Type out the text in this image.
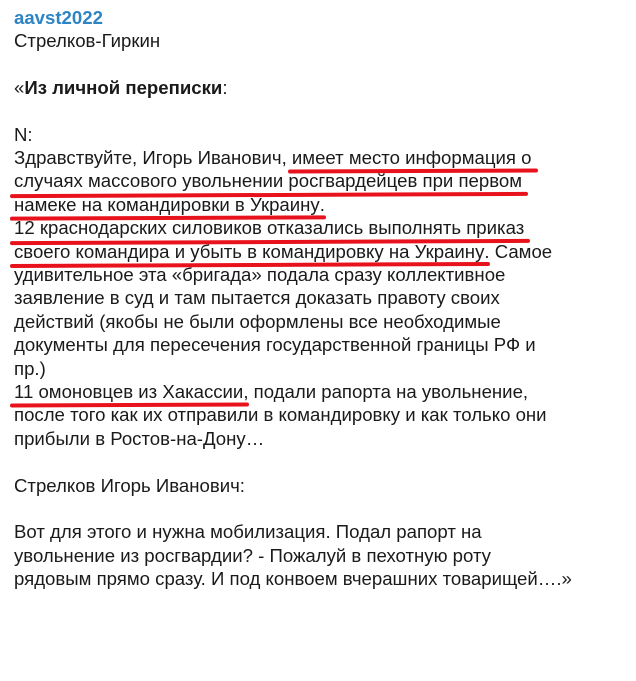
aavst2022
Стрелков-Гиркин
«Из личной переписки:
N:
Здравствуйте, Игорь Иванович, имеет место информация о
случаях массового увольнении росгвардейцев при первом
намеке на командировки в Украину
.
12 краснодарских силовиков отказались выполнять приказ
своего командира и убыть в командировку на Украину
. Самое
удивительное эта «бригада» подала сразу коллективное
заявление в суд и там пытается доказать правоту своих
действий (якобы не были оформлены все необходимые
документы для пересечения государственной границы РФ и
пр.)
11 омоновцев из Хакассии
, подали рапорта на увольнение,
после того как их отправили в командировку и как только они
прибыли в Ростов-на-Дону…
Стрелков Игорь Иванович:
Вот для этого и нужна мобилизация. Подал рапорт на
увольнение из росгвардии? - Пожалуй в пехотную роту
рядовым прямо сразу. И под конвоем вчерашних товарищей….»
